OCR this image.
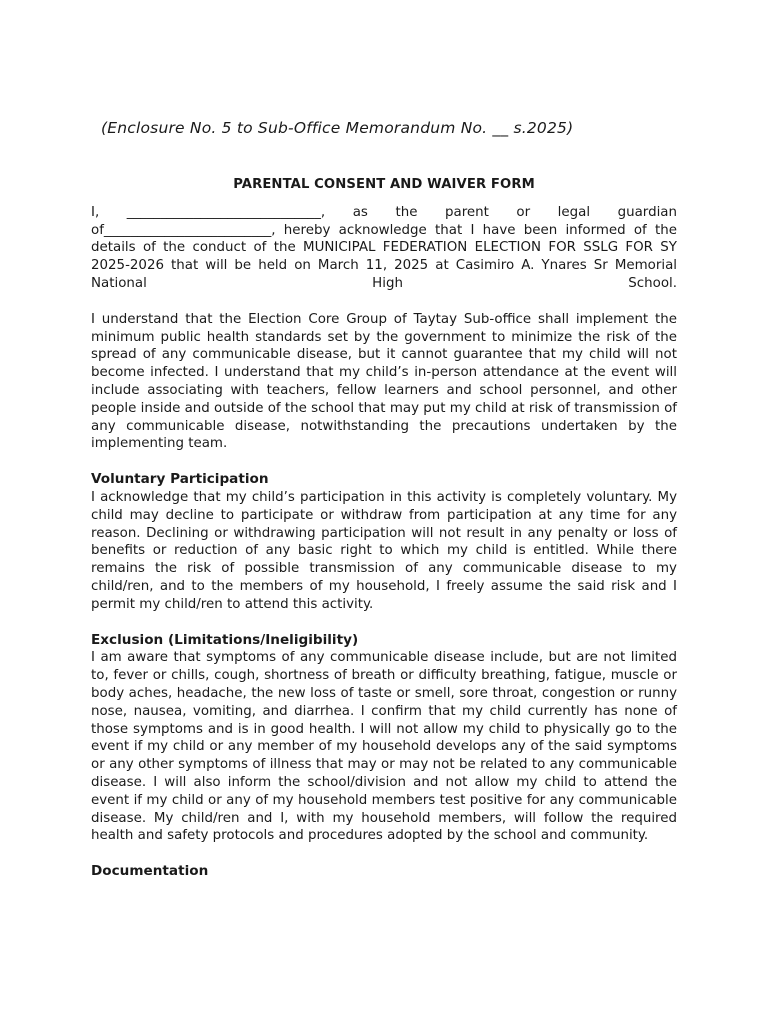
(Enclosure No. 5 to Sub-Office Memorandum No. __ s.2025)
PARENTAL CONSENT AND WAIVER FORM

I, _____________________________, as the parent or legal guardian of_________________________, hereby acknowledge that I have been informed of the details of the conduct of the MUNICIPAL FEDERATION ELECTION FOR SSLG FOR SY 2025-2026 that will be held on March 11, 2025 at Casimiro A. Ynares Sr Memorial National High School.

I understand that the Election Core Group of Taytay Sub-office shall implement the minimum public health standards set by the government to minimize the risk of the spread of any communicable disease, but it cannot guarantee that my child will not become infected. I understand that my child’s in-person attendance at the event will include associating with teachers, fellow learners and school personnel, and other people inside and outside of the school that may put my child at risk of transmission of any communicable disease, notwithstanding the precautions undertaken by the implementing team.

Voluntary Participation

I acknowledge that my child’s participation in this activity is completely voluntary. My child may decline to participate or withdraw from participation at any time for any reason. Declining or withdrawing participation will not result in any penalty or loss of benefits or reduction of any basic right to which my child is entitled. While there remains the risk of possible transmission of any communicable disease to my child/ren, and to the members of my household, I freely assume the said risk and I permit my child/ren to attend this activity.

Exclusion (Limitations/Ineligibility)

I am aware that symptoms of any communicable disease include, but are not limited to, fever or chills, cough, shortness of breath or difficulty breathing, fatigue, muscle or body aches, headache, the new loss of taste or smell, sore throat, congestion or runny nose, nausea, vomiting, and diarrhea. I confirm that my child currently has none of those symptoms and is in good health. I will not allow my child to physically go to the event if my child or any member of my household develops any of the said symptoms or any other symptoms of illness that may or may not be related to any communicable disease. I will also inform the school/division and not allow my child to attend the event if my child or any of my household members test positive for any communicable disease. My child/ren and I, with my household members, will follow the required health and safety protocols and procedures adopted by the school and community.

Documentation
